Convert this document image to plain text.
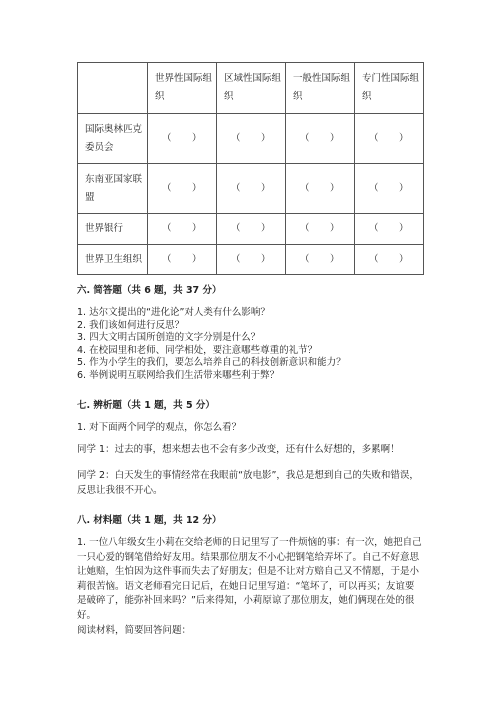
	世界性国际组织	区域性国际组织	一般性国际组织	专门性国际组织
国际奥林匹克委员会	（　　）	（　　）	（　　）	（　　）
东南亚国家联盟	（　　）	（　　）	（　　）	（　　）
世界银行	（　　）	（　　）	（　　）	（　　）
世界卫生组织	（　　）	（　　）	（　　）	（　　）
六. 简答题（共 6 题，共 37 分）
1. 达尔文提出的“进化论”对人类有什么影响？
2. 我们该如何进行反思？
3. 四大文明古国所创造的文字分别是什么？
4. 在校园里和老师、同学相处，要注意哪些尊重的礼节？
5. 作为小学生的我们，要怎么培养自己的科技创新意识和能力？
6. 举例说明互联网给我们生活带来哪些利于弊？
七. 辨析题（共 1 题，共 5 分）
1. 对下面两个同学的观点，你怎么看？
同学 1：过去的事，想来想去也不会有多少改变，还有什么好想的，多累啊！
同学 2：白天发生的事情经常在我眼前“放电影”，我总是想到自己的失败和错误，反思让我很不开心。
八. 材料题（共 1 题，共 12 分）
1. 一位八年级女生小莉在交给老师的日记里写了一件烦恼的事：有一次，她把自己一只心爱的钢笔借给好友用。结果那位朋友不小心把钢笔给弄坏了。自己不好意思让她赔，生怕因为这件事而失去了好朋友；但是不让对方赔自己又不情愿，于是小莉很苦恼。语文老师看完日记后，在她日记里写道：“笔坏了，可以再买；友谊要是破碎了，能弥补回来吗？”后来得知，小莉原谅了那位朋友，她们俩现在处的很好。
阅读材料，简要回答问题：
